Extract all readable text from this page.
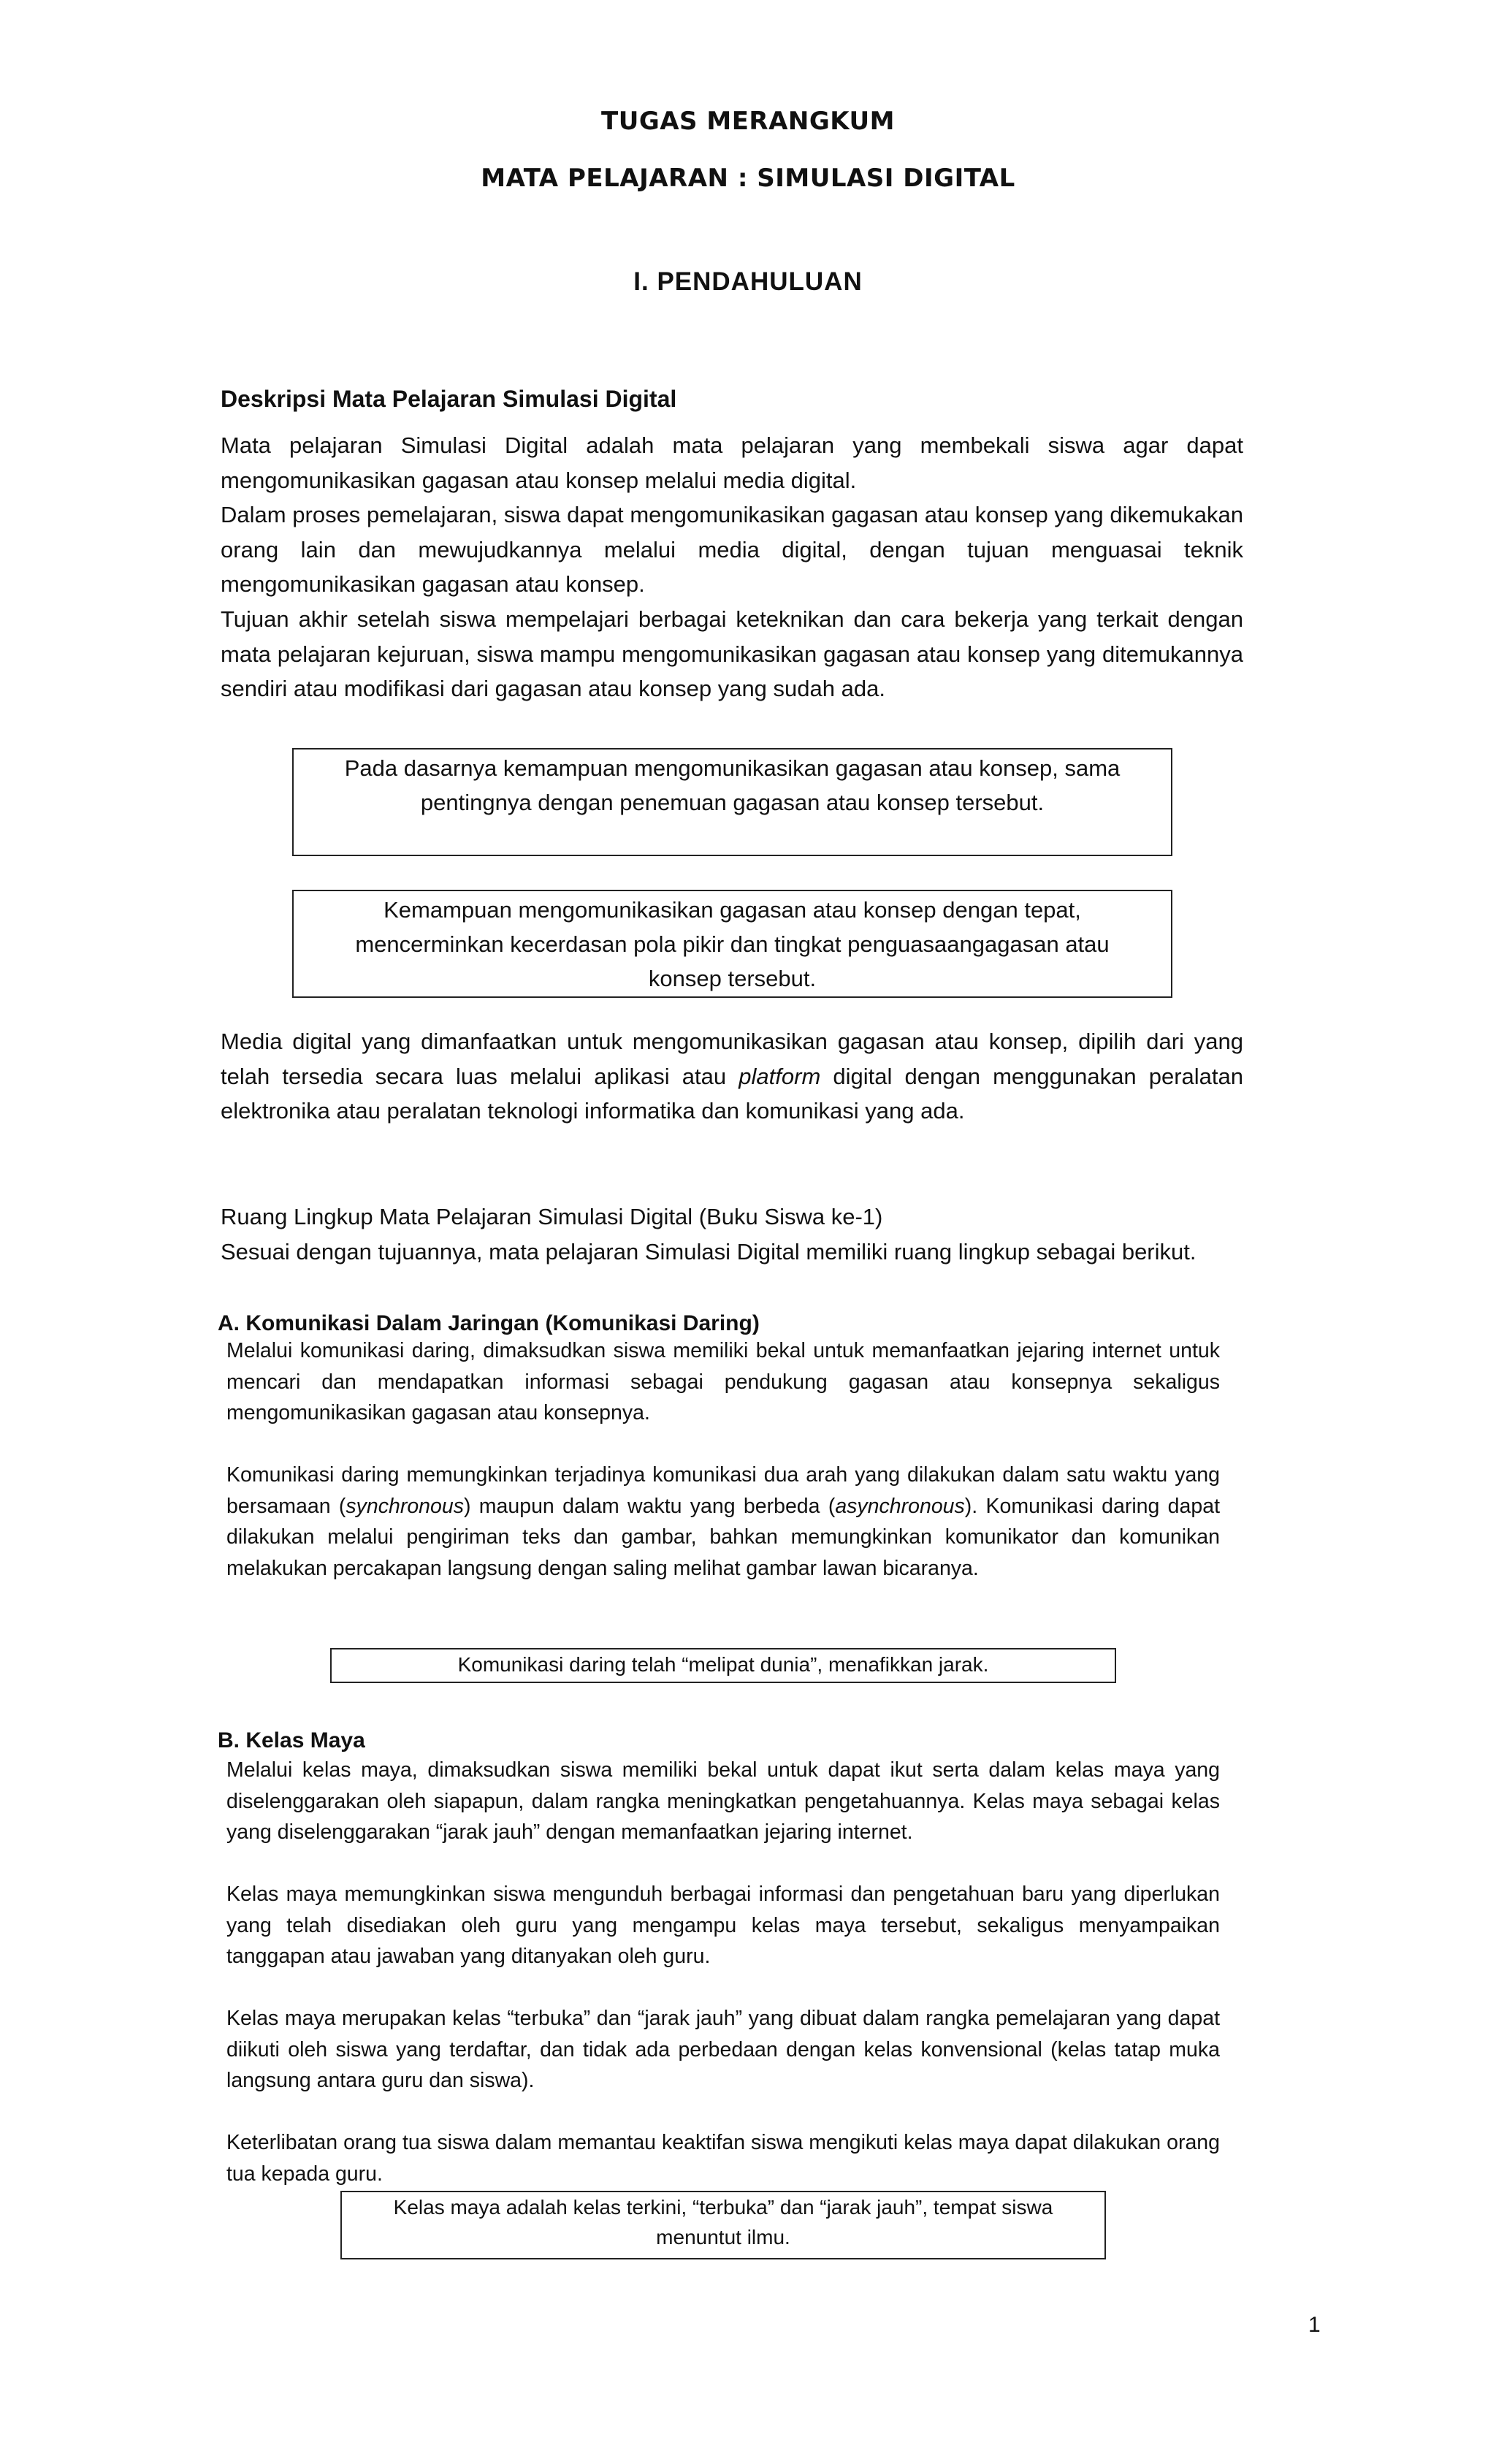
TUGAS MERANGKUM
MATA PELAJARAN : SIMULASI DIGITAL
I. PENDAHULUAN
Deskripsi Mata Pelajaran Simulasi Digital

Mata pelajaran Simulasi Digital adalah mata pelajaran yang membekali siswa agar dapat mengomunikasikan gagasan atau konsep melalui media digital.

Dalam proses pemelajaran, siswa dapat mengomunikasikan gagasan atau konsep yang dikemukakan orang lain dan mewujudkannya melalui media digital, dengan tujuan menguasai teknik mengomunikasikan gagasan atau konsep.

Tujuan akhir setelah siswa mempelajari berbagai keteknikan dan cara bekerja yang terkait dengan mata pelajaran kejuruan, siswa mampu mengomunikasikan gagasan atau konsep yang ditemukannya sendiri atau modifikasi dari gagasan atau konsep yang sudah ada.

Pada dasarnya kemampuan mengomunikasikan gagasan atau konsep, sama pentingnya dengan penemuan gagasan atau konsep tersebut.
Kemampuan mengomunikasikan gagasan atau konsep dengan tepat, mencerminkan kecerdasan pola pikir dan tingkat penguasaangagasan atau konsep tersebut.

Media digital yang dimanfaatkan untuk mengomunikasikan gagasan atau konsep, dipilih dari yang telah tersedia secara luas melalui aplikasi atau platform digital dengan menggunakan peralatan elektronika atau peralatan teknologi informatika dan komunikasi yang ada.

Ruang Lingkup Mata Pelajaran Simulasi Digital (Buku Siswa ke-1)

Sesuai dengan tujuannya, mata pelajaran Simulasi Digital memiliki ruang lingkup sebagai berikut.

A. Komunikasi Dalam Jaringan (Komunikasi Daring)

Melalui komunikasi daring, dimaksudkan siswa memiliki bekal untuk memanfaatkan jejaring internet untuk mencari dan mendapatkan informasi sebagai pendukung gagasan atau konsepnya sekaligus mengomunikasikan gagasan atau konsepnya.

Komunikasi daring memungkinkan terjadinya komunikasi dua arah yang dilakukan dalam satu waktu yang bersamaan (synchronous) maupun dalam waktu yang berbeda (asynchronous). Komunikasi daring dapat dilakukan melalui pengiriman teks dan gambar, bahkan memungkinkan komunikator dan komunikan melakukan percakapan langsung dengan saling melihat gambar lawan bicaranya.

Komunikasi daring telah “melipat dunia”, menafikkan jarak.
B. Kelas Maya

Melalui kelas maya, dimaksudkan siswa memiliki bekal untuk dapat ikut serta dalam kelas maya yang diselenggarakan oleh siapapun, dalam rangka meningkatkan pengetahuannya. Kelas maya sebagai kelas yang diselenggarakan “jarak jauh” dengan memanfaatkan jejaring internet.

Kelas maya memungkinkan siswa mengunduh berbagai informasi dan pengetahuan baru yang diperlukan yang telah disediakan oleh guru yang mengampu kelas maya tersebut, sekaligus menyampaikan tanggapan atau jawaban yang ditanyakan oleh guru.

Kelas maya merupakan kelas “terbuka” dan “jarak jauh” yang dibuat dalam rangka pemelajaran yang dapat diikuti oleh siswa yang terdaftar, dan tidak ada perbedaan dengan kelas konvensional (kelas tatap muka langsung antara guru dan siswa).

Keterlibatan orang tua siswa dalam memantau keaktifan siswa mengikuti kelas maya dapat dilakukan orang tua kepada guru.

Kelas maya adalah kelas terkini, “terbuka” dan “jarak jauh”, tempat siswa menuntut ilmu.
1
